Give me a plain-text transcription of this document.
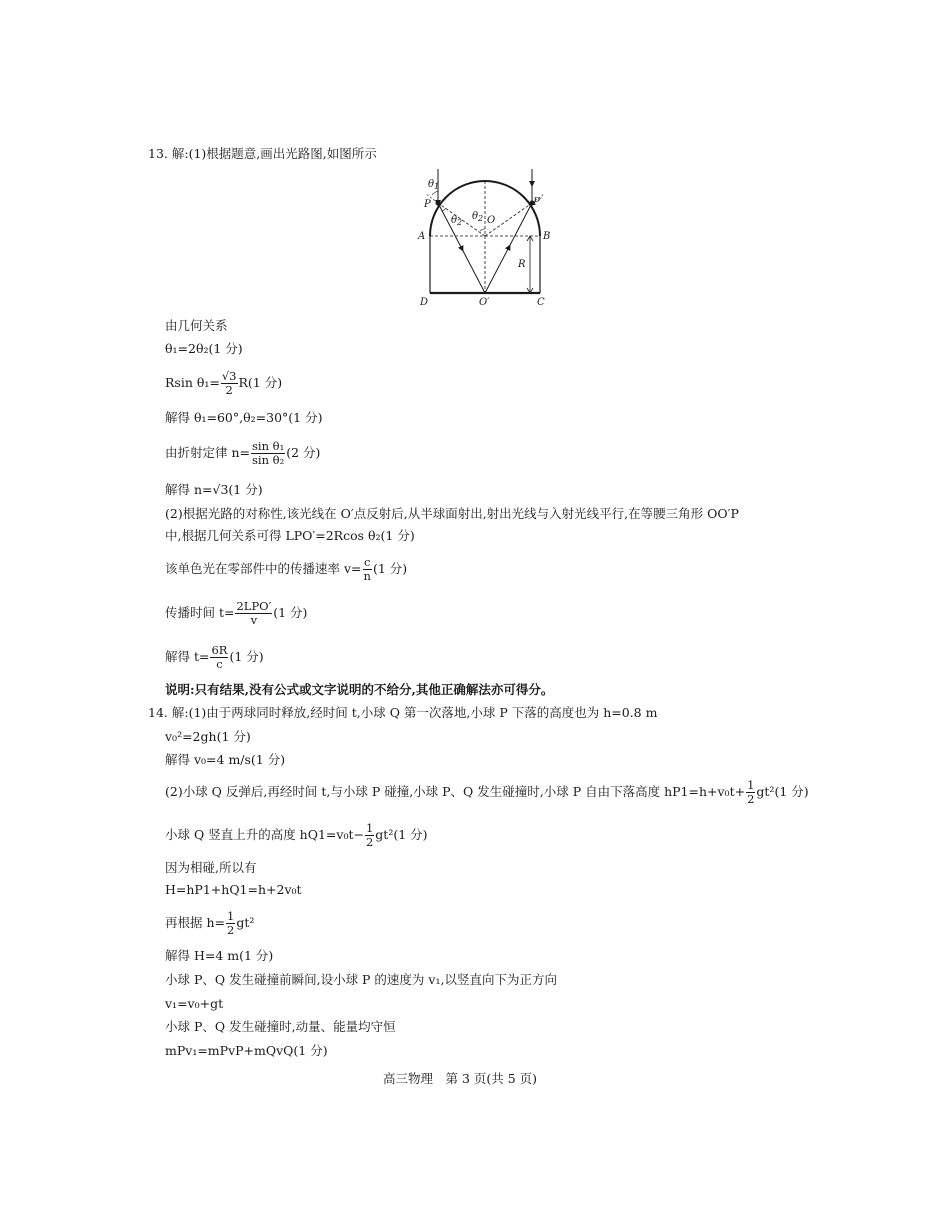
13. 解:(1)根据题意,画出光路图,如图所示
$\theta_1$
P	P′
$\theta_2$
$\theta_2$ O
A	B
R
D	O′	C
由几何关系
θ₁=2θ₂(1 分)
Rsin $\theta_1= \frac{√3}{2} R(1$ 分)
解得 θ₁=60°,θ₂=30°(1 分)
由折射定律 $n= \frac{\text{sin θ₁}}{\text{sin θ₂}} (2$ 分)
解得 n=√3(1 分)
(2)根据光路的对称性,该光线在 O′点反射后,从半球面射出,射出光线与入射光线平行,在等腰三角形 OO′P
中,根据几何关系可得 LPO′=2Rcos θ₂(1 分)
该单色光在零部件中的传播速率 $v= \frac{c}{n} (1$ 分)
传播时间 $t= \frac{\text{2LPO′}}{v} (1$ 分)
解得 $t= \frac{6R}{c} (1$ 分)
说明:只有结果,没有公式或文字说明的不给分,其他正确解法亦可得分。
14. 解:(1)由于两球同时释放,经时间 t,小球 Q 第一次落地,小球 P 下落的高度也为 h=0.8 m
v₀²=2gh(1 分)
解得 v₀=4 m/s(1 分)
(2)小球 Q 反弹后,再经时间 t,与小球 P 碰撞,小球 P、Q 发生碰撞时,小球 P 自由下落高度 $hP1=h+v_0t+ \frac{1}{2} gt^2(1$ 分)
小球 Q 竖直上升的高度 $hQ1=v_0t- \frac{1}{2} gt^2(1$ 分)
因为相碰,所以有
H=hP1+hQ1=h+2v₀t
再根据 $h= \frac{1}{2} gt^2$
解得 H=4 m(1 分)
小球 P、Q 发生碰撞前瞬间,设小球 P 的速度为 v₁,以竖直向下为正方向
v₁=v₀+gt
小球 P、Q 发生碰撞时,动量、能量均守恒
mPv₁=mPvP+mQvQ(1 分)
高三物理　第 3 页(共 5 页)
